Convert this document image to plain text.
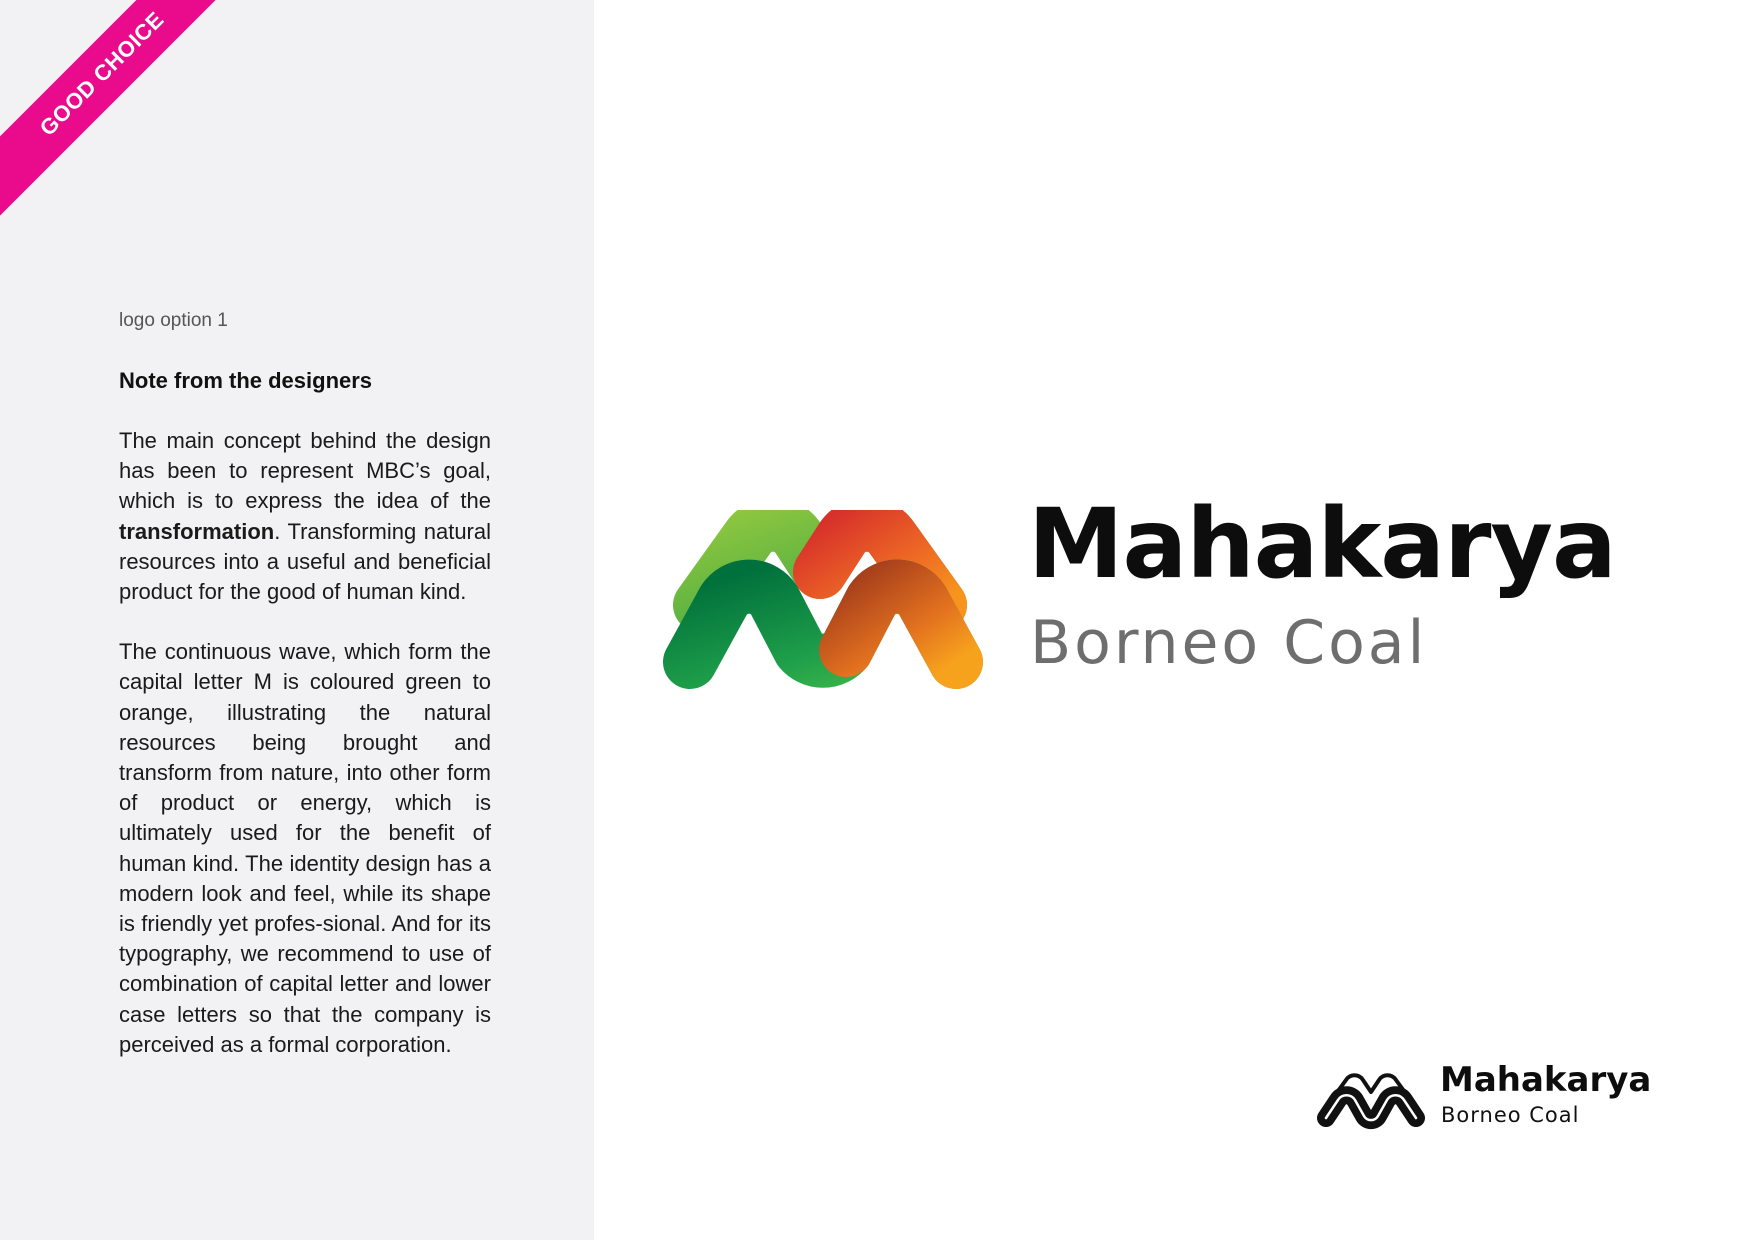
GOOD CHOICE
logo option 1
Note from the designers

The main concept behind the design has been to represent MBC’s goal, which is to express the idea of the transformation. Transforming natural resources into a useful and beneficial product for the good of human kind.

The continuous wave, which form the capital letter M is coloured green to orange, illustrating the natural resources being brought and transform from nature, into other form of product or energy, which is ultimately used for the benefit of human kind. The identity design has a modern look and feel, while its shape is friendly yet profes-sional. And for its typography, we recommend to use of combination of capital letter and lower case letters so that the company is perceived as a formal corporation.

Mahakarya
Borneo Coal
Mahakarya
Borneo Coal
